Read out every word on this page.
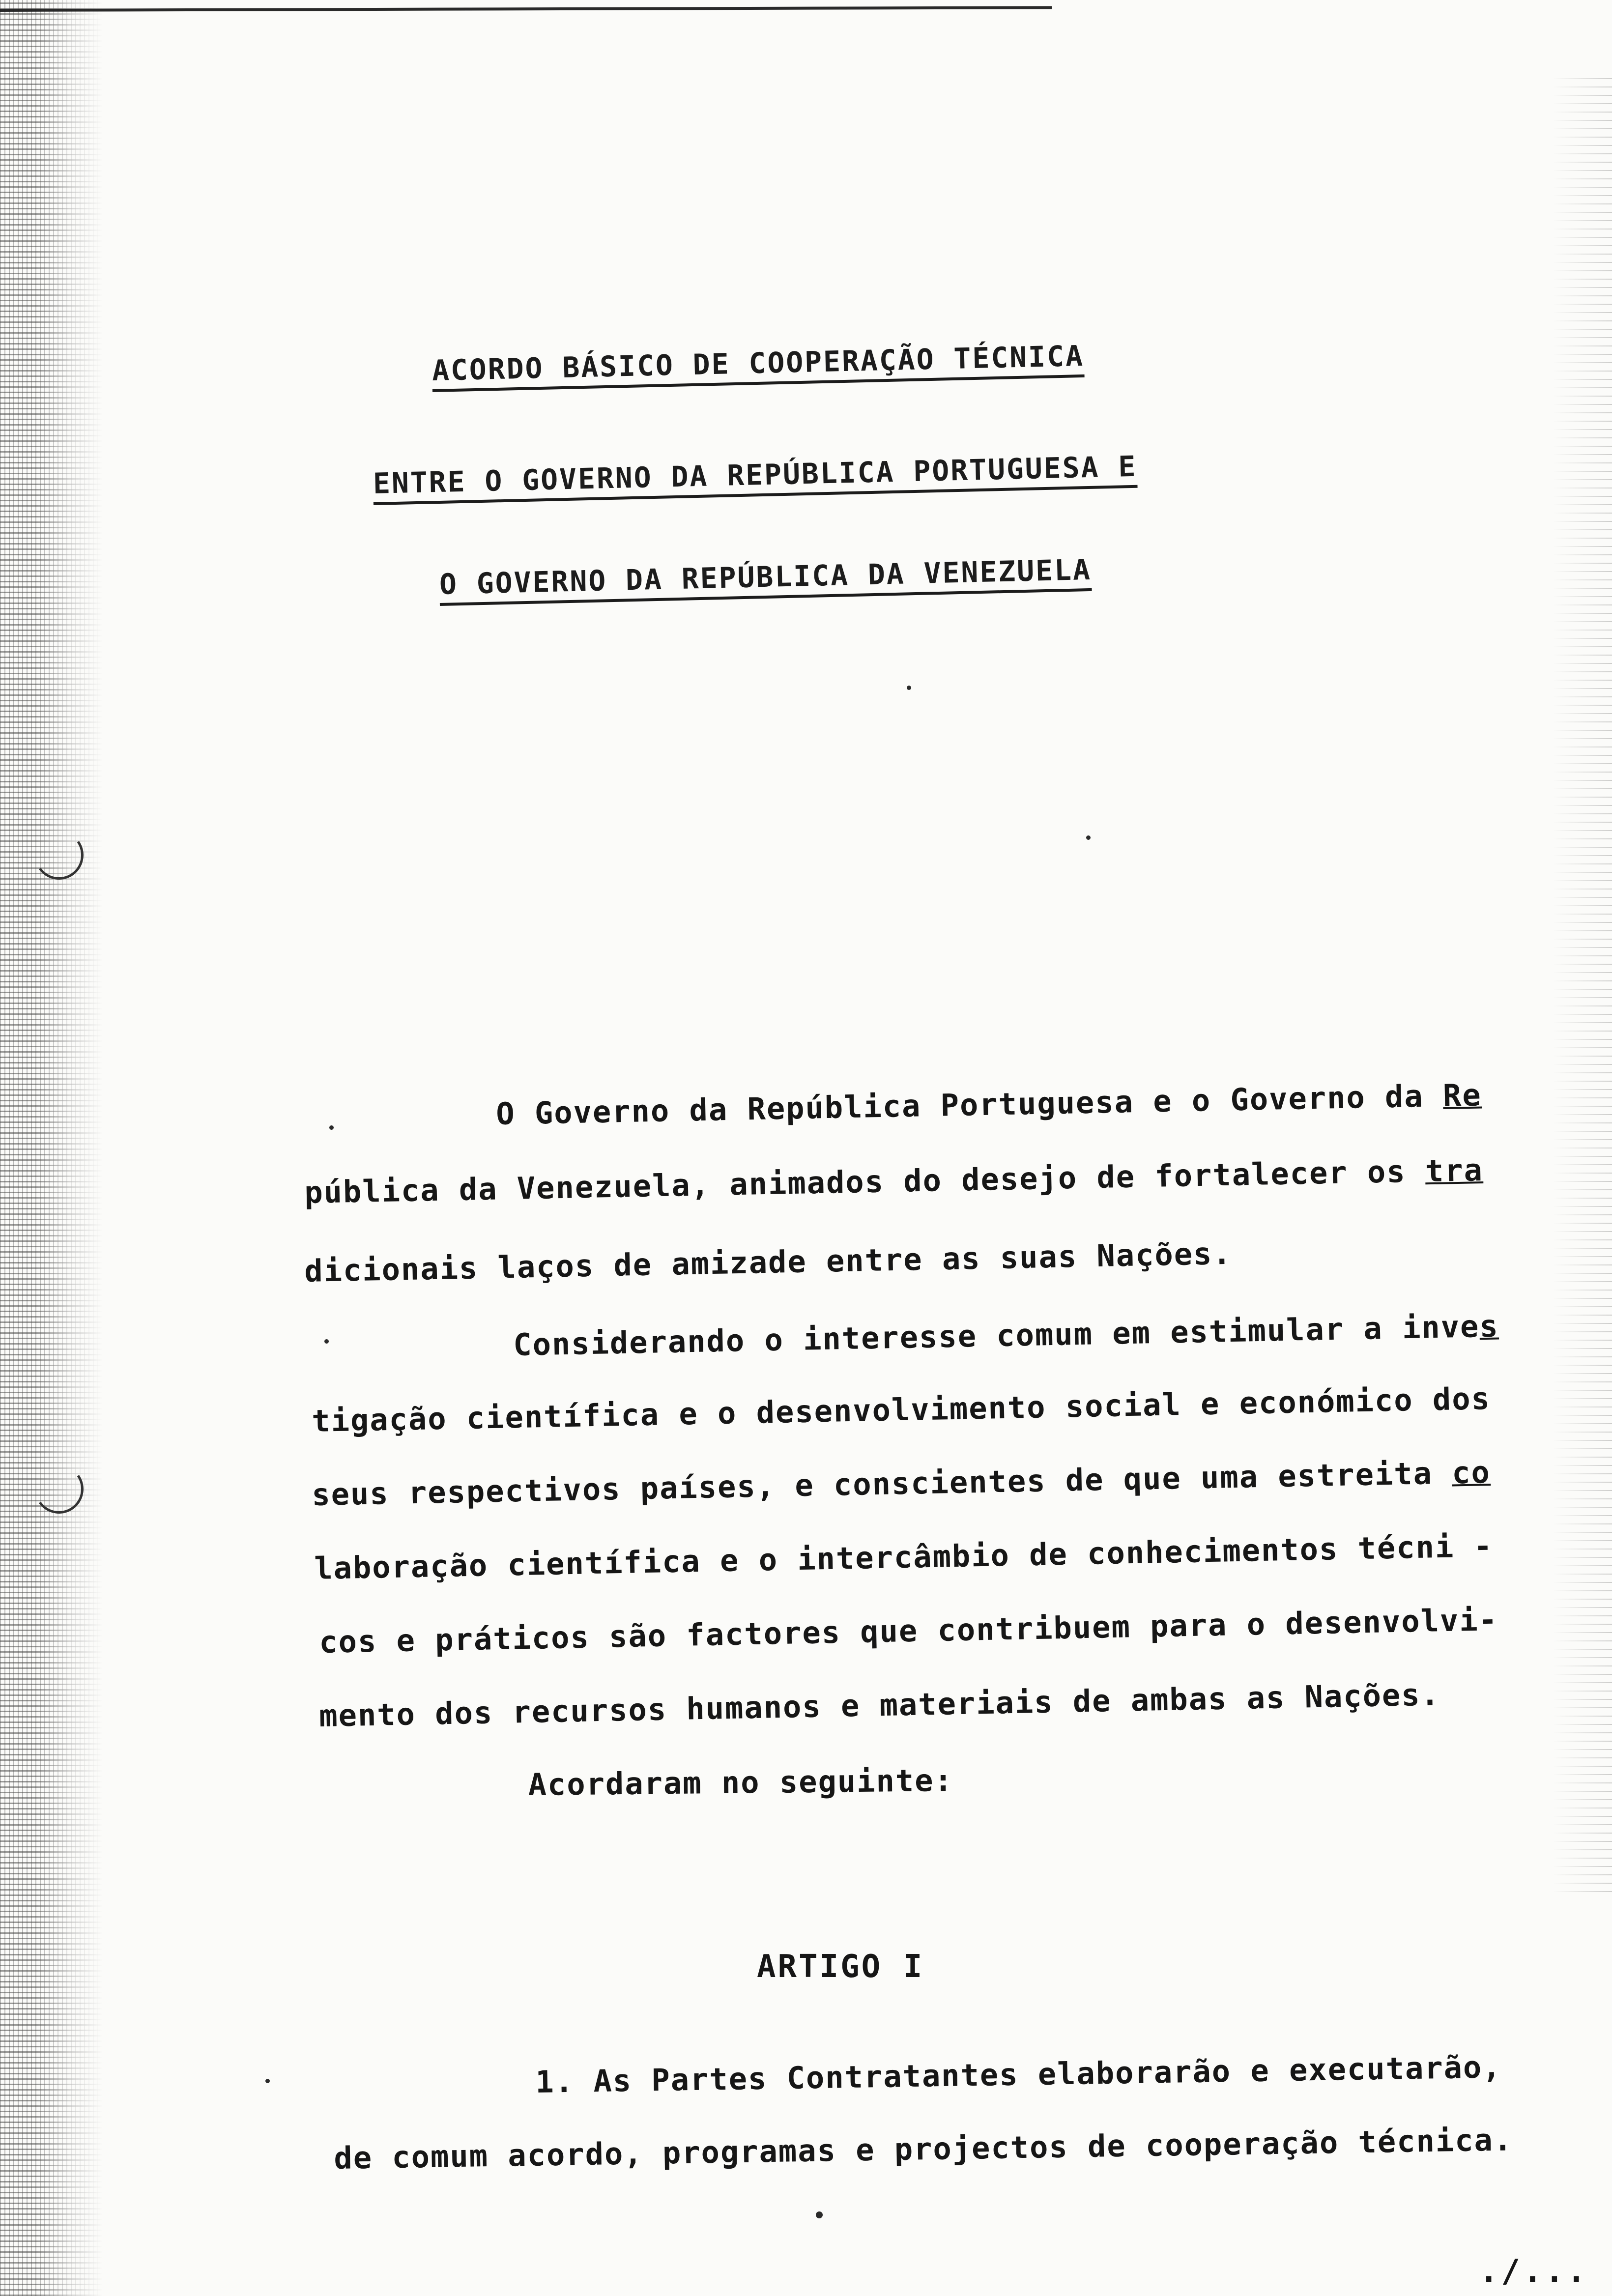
ACORDO BÁSICO DE COOPERAÇÃO TÉCNICA
ENTRE O GOVERNO DA REPÚBLICA PORTUGUESA E
O GOVERNO DA REPÚBLICA DA VENEZUELA
O Governo da República Portuguesa e o Governo da Re
pública da Venezuela, animados do desejo de fortalecer os tra
dicionais laços de amizade entre as suas Nações.
Considerando o interesse comum em estimular a inves
tigação científica e o desenvolvimento social e económico dos
seus respectivos países, e conscientes de que uma estreita co
laboração científica e o intercâmbio de conhecimentos técni -
cos e práticos são factores que contribuem para o desenvolvi-
mento dos recursos humanos e materiais de ambas as Nações.
Acordaram no seguinte:
ARTIGO I
1. As Partes Contratantes elaborarão e executarão,
de comum acordo, programas e projectos de cooperação técnica.
./...
